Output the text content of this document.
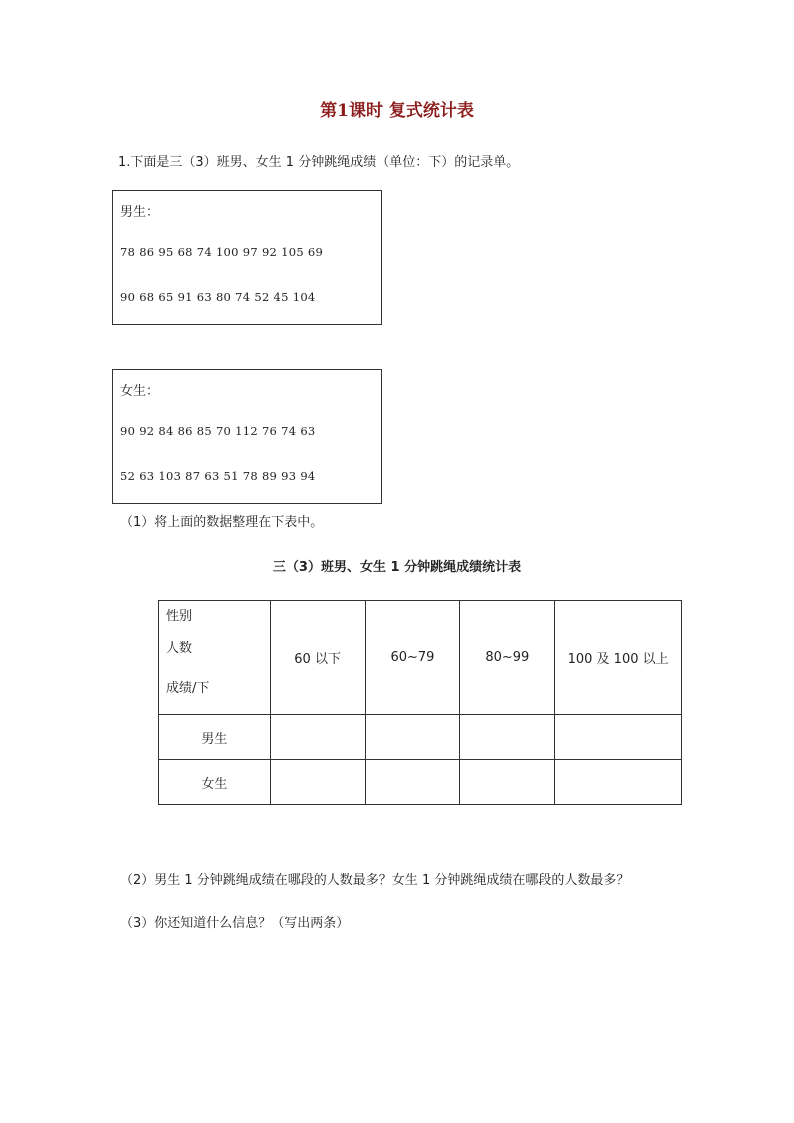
第1课时 复式统计表
1.下面是三（3）班男、女生 1 分钟跳绳成绩（单位：下）的记录单。
男生：
78 86 95 68 74 100 97 92 105 69
90 68 65 91 63 80 74 52 45 104
女生：
90 92 84 86 85 70 112 76 74 63
52 63 103 87 63 51 78 89 93 94
（1）将上面的数据整理在下表中。
三（3）班男、女生 1 分钟跳绳成绩统计表
性别
人数
成绩/下	60 以下	60~79	80~99	100 及 100 以上
男生				
女生				
（2）男生 1 分钟跳绳成绩在哪段的人数最多？女生 1 分钟跳绳成绩在哪段的人数最多？
（3）你还知道什么信息？（写出两条）
